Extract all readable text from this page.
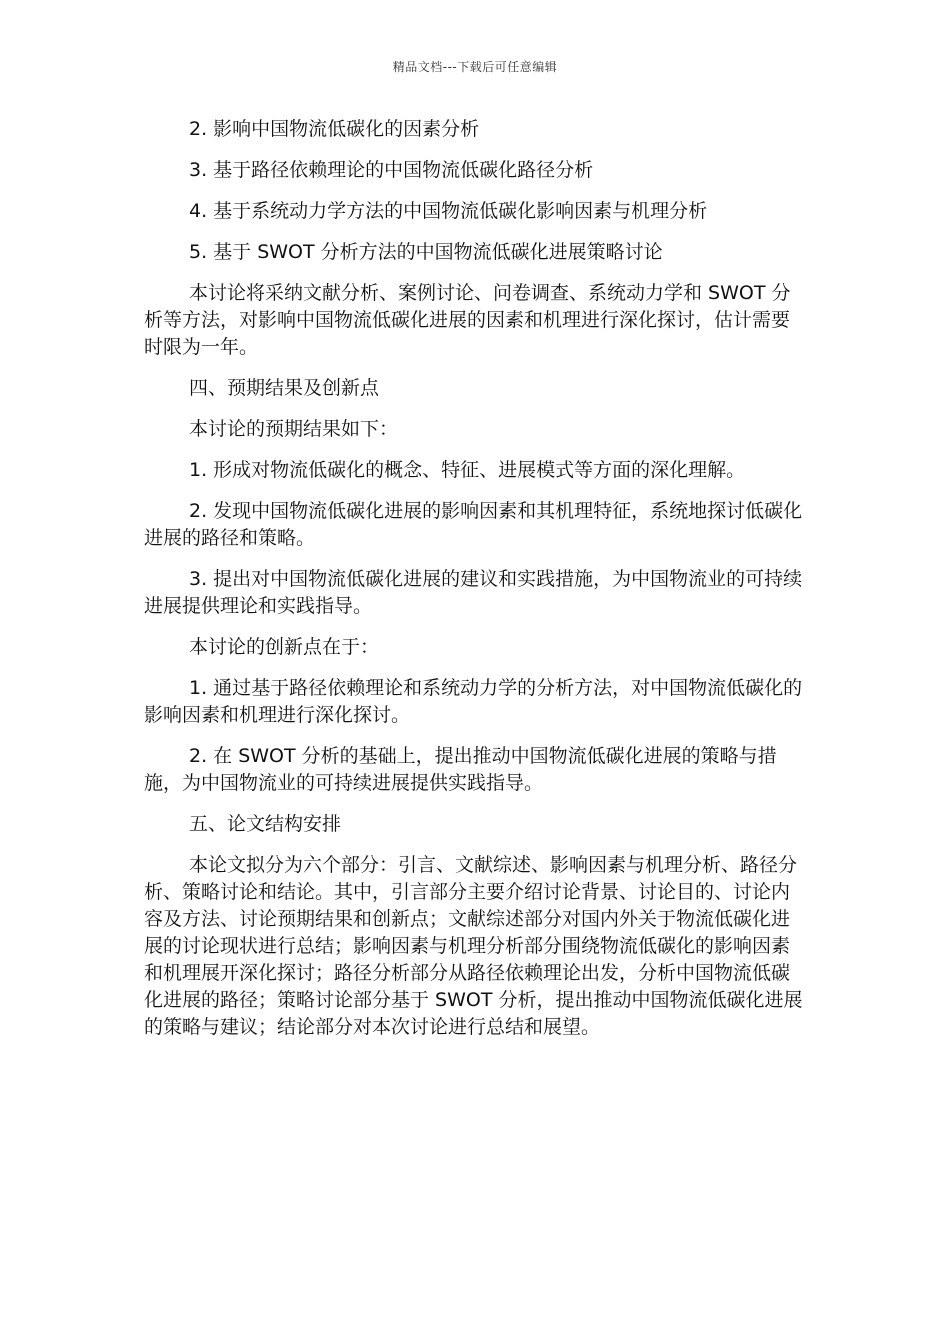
精品文档---下载后可任意编辑

2. 影响中国物流低碳化的因素分析

3. 基于路径依赖理论的中国物流低碳化路径分析

4. 基于系统动力学方法的中国物流低碳化影响因素与机理分析

5. 基于 SWOT 分析方法的中国物流低碳化进展策略讨论

本讨论将采纳文献分析、案例讨论、问卷调查、系统动力学和 SWOT 分析等方法，对影响中国物流低碳化进展的因素和机理进行深化探讨，估计需要时限为一年。

四、预期结果及创新点

本讨论的预期结果如下：

1. 形成对物流低碳化的概念、特征、进展模式等方面的深化理解。

2. 发现中国物流低碳化进展的影响因素和其机理特征，系统地探讨低碳化进展的路径和策略。

3. 提出对中国物流低碳化进展的建议和实践措施，为中国物流业的可持续进展提供理论和实践指导。

本讨论的创新点在于：

1. 通过基于路径依赖理论和系统动力学的分析方法，对中国物流低碳化的影响因素和机理进行深化探讨。

2. 在 SWOT 分析的基础上，提出推动中国物流低碳化进展的策略与措施，为中国物流业的可持续进展提供实践指导。

五、论文结构安排

本论文拟分为六个部分：引言、文献综述、影响因素与机理分析、路径分析、策略讨论和结论。其中，引言部分主要介绍讨论背景、讨论目的、讨论内容及方法、讨论预期结果和创新点；文献综述部分对国内外关于物流低碳化进展的讨论现状进行总结；影响因素与机理分析部分围绕物流低碳化的影响因素和机理展开深化探讨；路径分析部分从路径依赖理论出发，分析中国物流低碳化进展的路径；策略讨论部分基于 SWOT 分析，提出推动中国物流低碳化进展的策略与建议；结论部分对本次讨论进行总结和展望。
